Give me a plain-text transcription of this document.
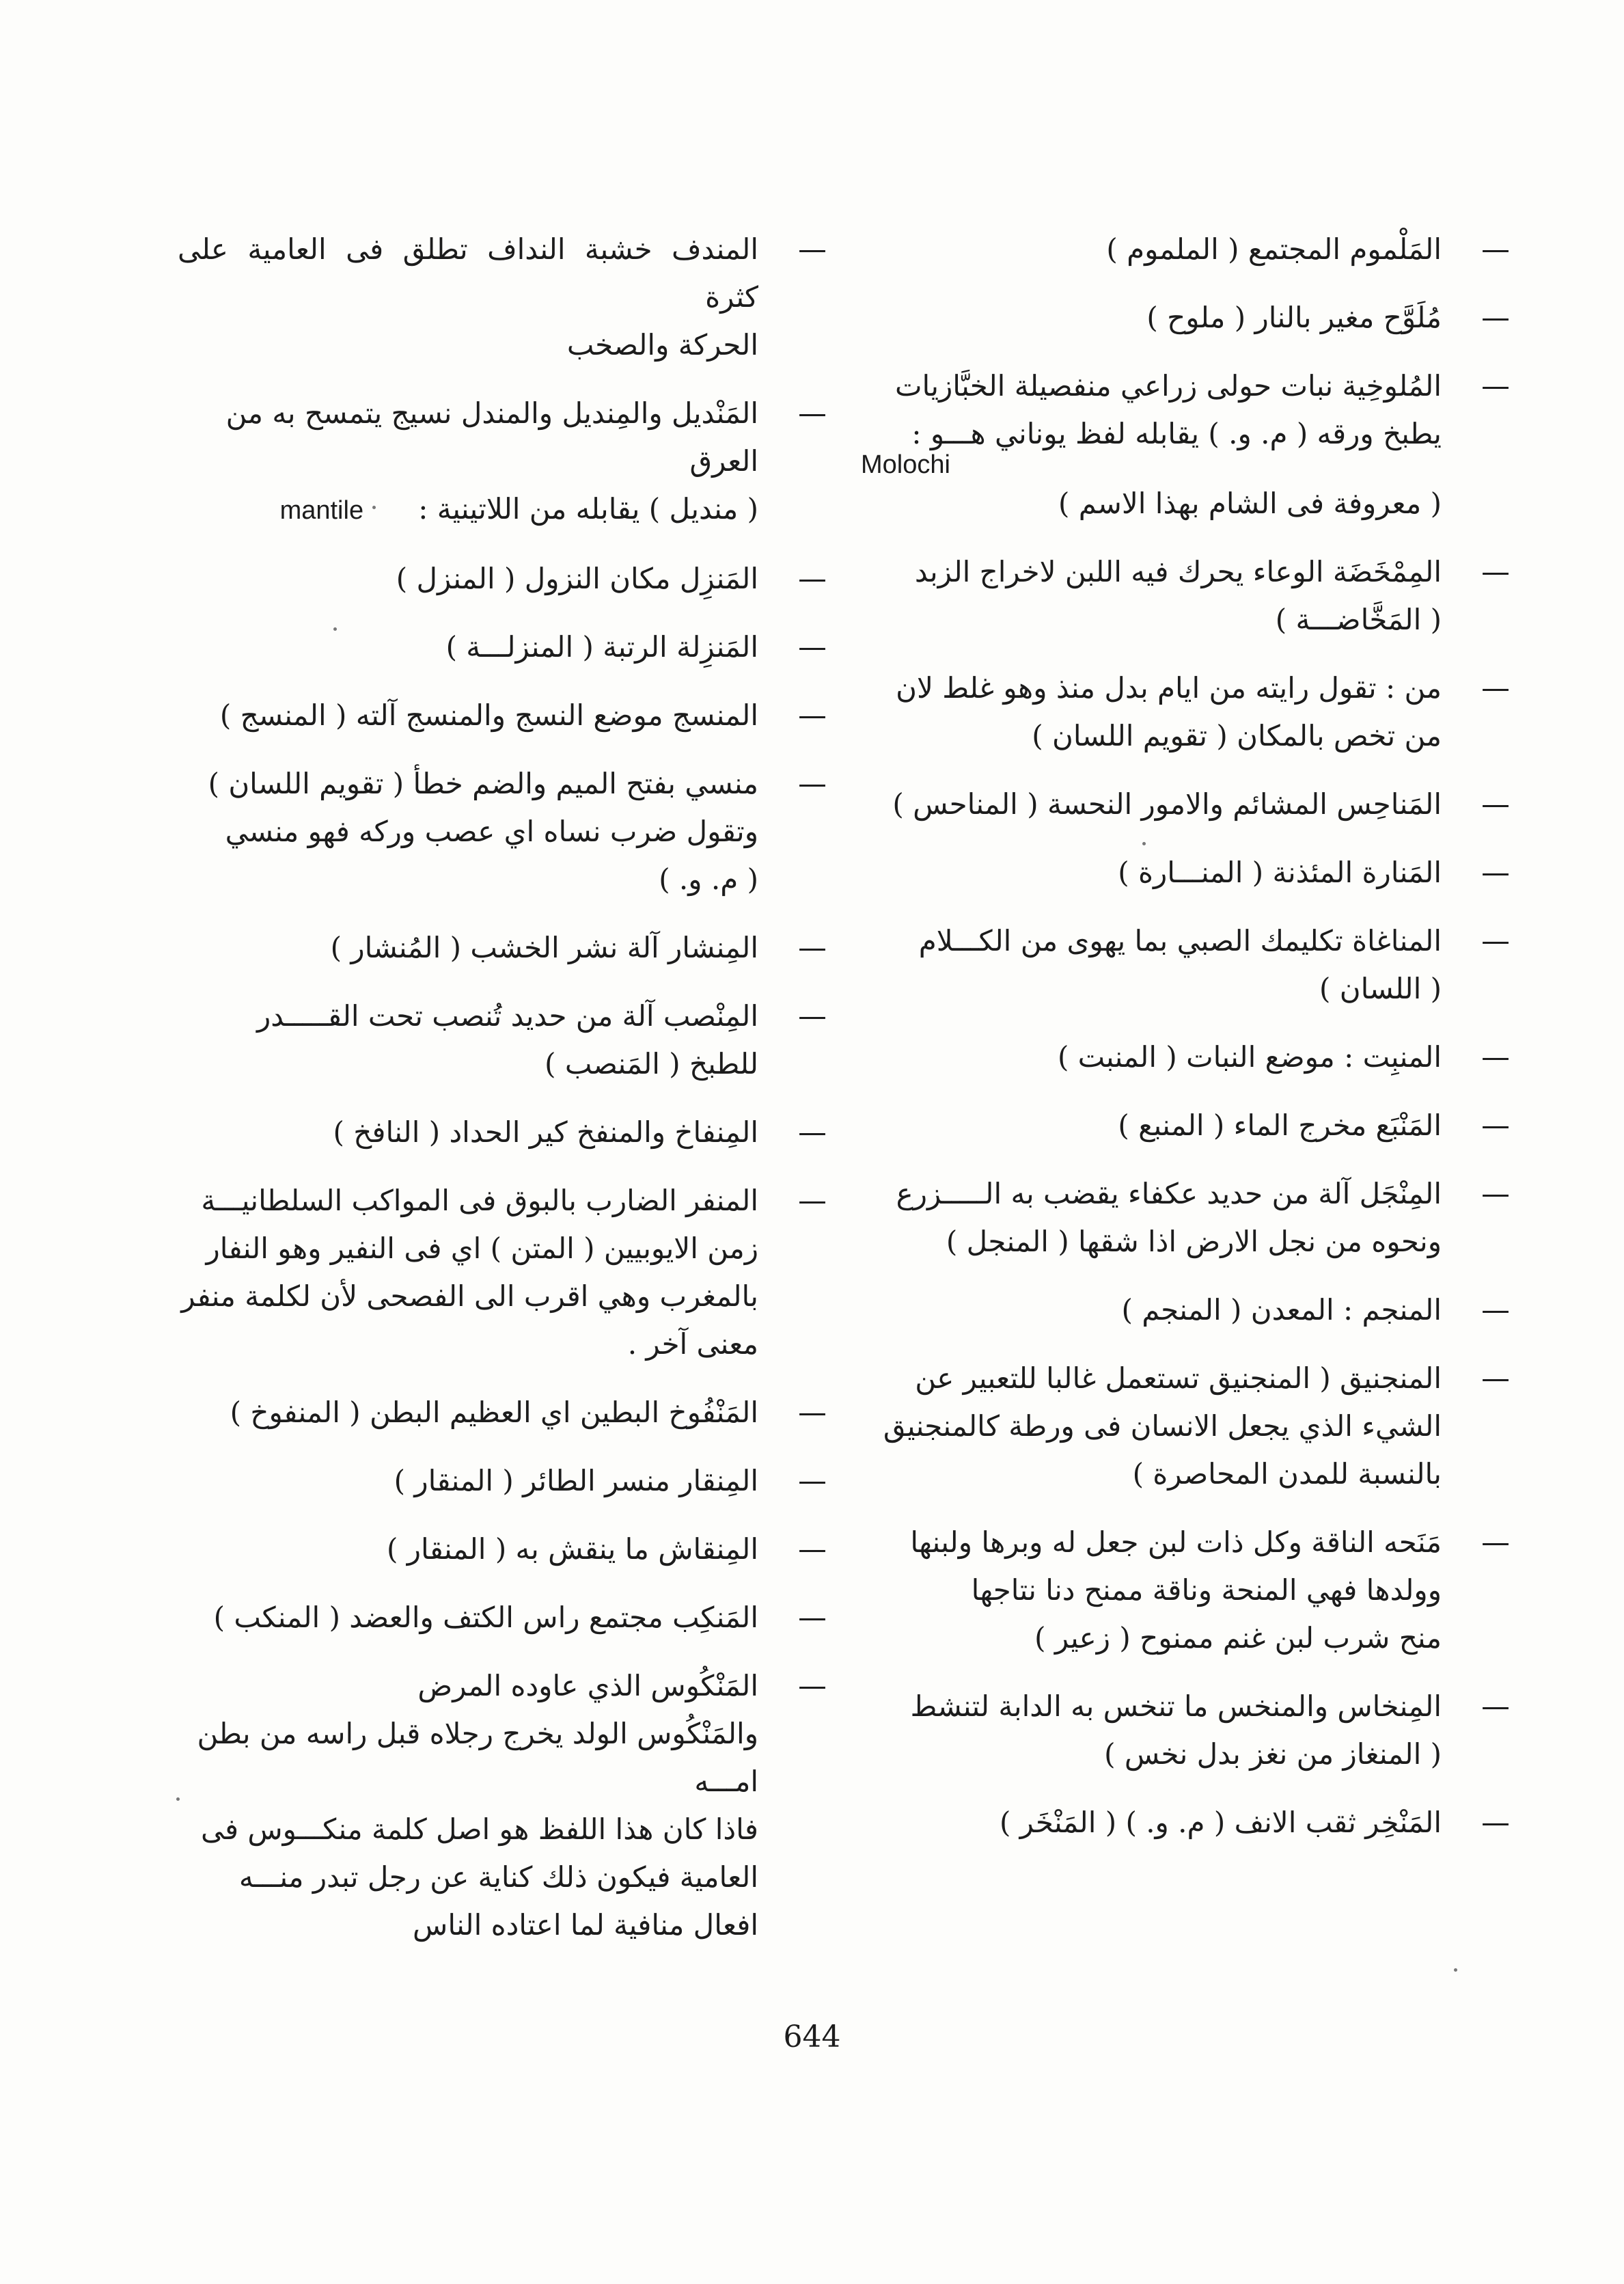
—
المَلْموم المجتمع ( الملموم )
—
مُلَوَّح مغير بالنار ( ملوح )
—
المُلوخِية نبات حولى زراعي منفصيلة الخبَّازيات
يطبخ ورقه ( م. و. ) يقابله لفظ يوناني هـــو :
Molochi
( معروفة فى الشام بهذا الاسم )
—
المِمْخَضَة الوعاء يحرك فيه اللبن لاخراج الزبد
( المَخَّاضـــة )
—
من : تقول رايته من ايام بدل منذ وهو غلط لان
من تخص بالمكان ( تقويم اللسان )
—
المَناحِس المشائم والامور النحسة ( المناحس )
—
المَنارة المئذنة ( المنـــارة )
—
المناغاة تكليمك الصبي بما يهوى من الكـــلام
( اللسان )
—
المنبِت : موضع النبات ( المنبت )
—
المَنْبَع مخرج الماء ( المنبع )
—
المِنْجَل آلة من حديد عكفاء يقضب به الـــــزرع
ونحوه من نجل الارض اذا شقها ( المنجل )
—
المنجم : المعدن ( المنجم )
—
المنجنيق ( المنجنيق تستعمل غالبا للتعبير عن
الشيء الذي يجعل الانسان فى ورطة كالمنجنيق
بالنسبة للمدن المحاصرة )
—
مَنَحه الناقة وكل ذات لبن جعل له وبرها ولبنها
وولدها فهي المنحة وناقة ممنح دنا نتاجها
منح شرب لبن غنم ممنوح ( زعير )
—
المِنخاس والمنخس ما تنخس به الدابة لتنشط
( المنغاز من نغز بدل نخس )
—
المَنْخِر ثقب الانف ( م. و. ) ( المَنْخَر )
—
المندف خشبة النداف تطلق فى العامية على كثرة
الحركة والصخب
—
المَنْديل والمِنديل والمندل نسيج يتمسح به من
العرق
( منديل ) يقابله من اللاتينية :      mantile
—
المَنزِل مكان النزول ( المنزل )
—
المَنزِلة الرتبة ( المنزلـــة )
—
المنسج موضع النسج والمنسج آلته ( المنسج )
—
منسي بفتح الميم والضم خطأ ( تقويم اللسان )
وتقول ضرب نساه اي عصب وركه فهو منسي
( م. و. )
—
المِنشار آلة نشر الخشب ( المُنشار )
—
المِنْصب آلة من حديد تُنصب تحت القـــــدر
للطبخ ( المَنصب )
—
المِنفاخ والمنفخ كير الحداد ( النافخ )
—
المنفر الضارب بالبوق فى المواكب السلطانيـــة
زمن الايوبيين ( المتن ) اي فى النفير وهو النفار
بالمغرب وهي اقرب الى الفصحى لأن لكلمة منفر
معنى آخر .
—
المَنْفُوخ البطين اي العظيم البطن ( المنفوخ )
—
المِنقار منسر الطائر ( المنقار )
—
المِنقاش ما ينقش به ( المنقار )
—
المَنكِب مجتمع راس الكتف والعضد ( المنكب )
—
المَنْكُوس الذي عاوده المرض
والمَنْكُوس الولد يخرج رجلاه قبل راسه من بطن
امـــه
فاذا كان هذا اللفظ هو اصل كلمة منكـــوس فى
العامية فيكون ذلك كناية عن رجل تبدر منـــه
افعال منافية لما اعتاده الناس
644
